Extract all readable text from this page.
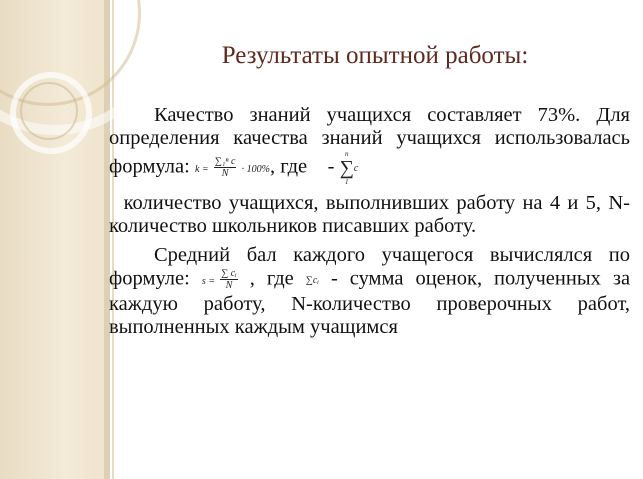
Результаты опытной работы:

Качество знаний учащихся составляет 73%. Для определения качества знаний учащихся использовалась формула: $k = \frac{\text{∑₁ⁿ c}}{N} \cdot 100\%$, где -
n
∑
1
c

количество учащихся, выполнивших работу на 4 и 5, N- количество школьников писавших работу.

Средний бал каждого учащегося вычислялся по формуле: $s = \frac{\text{∑ cᵢ}}{N}$ , где ∑cᵢ - сумма оценок, полученных за каждую работу, N-количество проверочных работ, выполненных каждым учащимся
